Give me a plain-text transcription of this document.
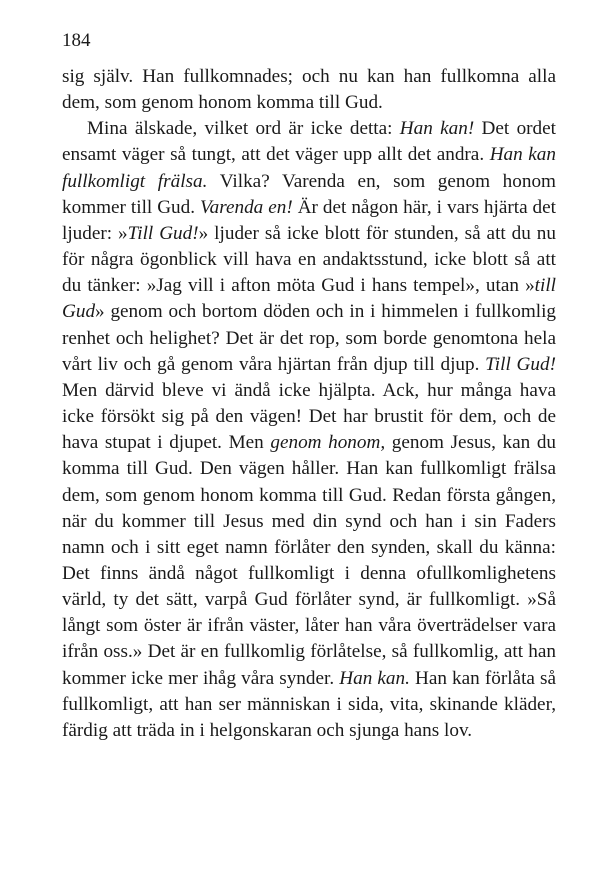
184

sig själv. Han fullkomnades; och nu kan han fullkomna alla dem, som genom honom komma till Gud.

Mina älskade, vilket ord är icke detta: Han kan! Det ordet ensamt väger så tungt, att det väger upp allt det andra. Han kan fullkomligt frälsa. Vilka? Varenda en, som genom honom kommer till Gud. Varenda en! Är det någon här, i vars hjärta det ljuder: »Till Gud!» ljuder så icke blott för stunden, så att du nu för några ögonblick vill hava en andaktsstund, icke blott så att du tänker: »Jag vill i afton möta Gud i hans tempel», utan »till Gud» genom och bortom döden och in i himmelen i fullkomlig renhet och helighet? Det är det rop, som borde genomtona hela vårt liv och gå genom våra hjärtan från djup till djup. Till Gud! Men därvid bleve vi ändå icke hjälpta. Ack, hur många hava icke försökt sig på den vägen! Det har brustit för dem, och de hava stupat i djupet. Men genom honom, genom Jesus, kan du komma till Gud. Den vägen håller. Han kan fullkomligt frälsa dem, som genom honom komma till Gud. Redan första gången, när du kommer till Jesus med din synd och han i sin Faders namn och i sitt eget namn förlåter den synden, skall du känna: Det finns ändå något fullkomligt i denna ofullkomlighetens värld, ty det sätt, varpå Gud förlåter synd, är fullkomligt. »Så långt som öster är ifrån väster, låter han våra överträdelser vara ifrån oss.» Det är en fullkomlig förlåtelse, så fullkomlig, att han kommer icke mer ihåg våra synder. Han kan. Han kan förlåta så fullkomligt, att han ser människan i sida, vita, skinande kläder, färdig att träda in i helgonskaran och sjunga hans lov.
